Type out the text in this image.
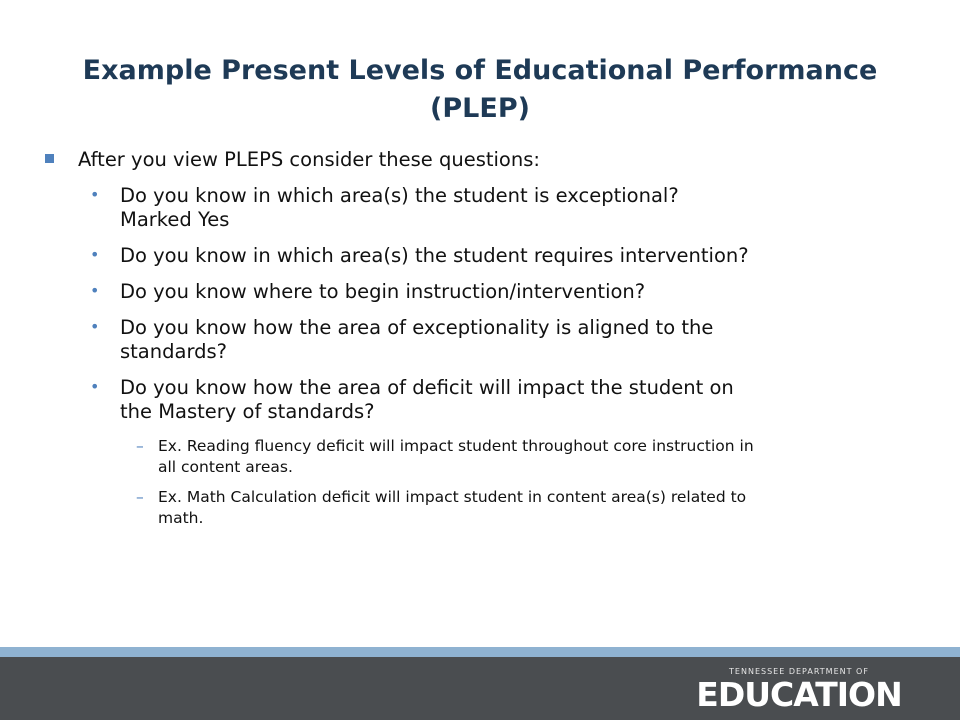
Example Present Levels of Educational Performance
(PLEP)
After you view PLEPS consider these questions:
• Do you know in which area(s) the student is exceptional?
Marked Yes
• Do you know in which area(s) the student requires intervention?
• Do you know where to begin instruction/intervention?
• Do you know how the area of exceptionality is aligned to the
standards?
• Do you know how the area of deficit will impact the student on
the Mastery of standards?
– Ex. Reading fluency deficit will impact student throughout core instruction in
all content areas.
– Ex. Math Calculation deficit will impact student in content area(s) related to
math.
TENNESSEE DEPARTMENT OF
EDUCATION
